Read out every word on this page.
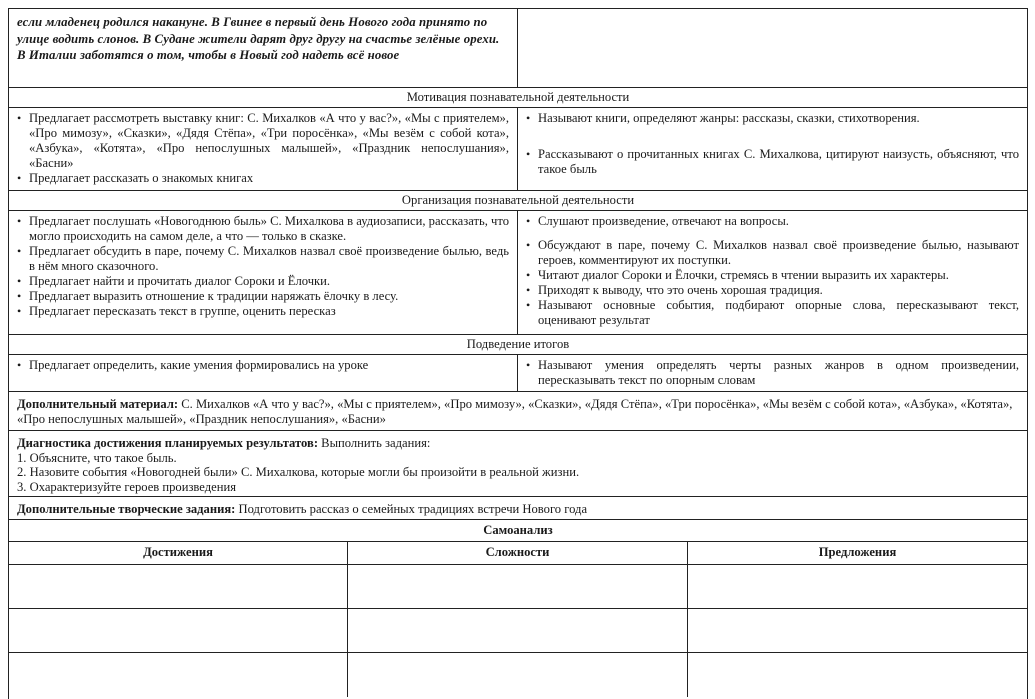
если младенец родился накануне. В Гвинее в первый день Нового года принято по улице водить слонов. В Судане жители дарят друг другу на счастье зелёные орехи. В Италии заботятся о том, чтобы в Новый год надеть всё новое
Мотивация познавательной деятельности
• Предлагает рассмотреть выставку книг: С. Михалков «А что у вас?», «Мы с приятелем», «Про мимозу», «Сказки», «Дядя Стёпа», «Три поросёнка», «Мы везём с собой кота», «Азбука», «Котята», «Про непослушных малышей», «Праздник непослушания», «Басни»
• Предлагает рассказать о знакомых книгах
• Называют книги, определяют жанры: рассказы, сказки, стихотворения.
• Рассказывают о прочитанных книгах С. Михалкова, цитируют наизусть, объясняют, что такое быль
Организация познавательной деятельности
• Предлагает послушать «Новогоднюю быль» С. Михалкова в аудиозаписи, рассказать, что могло происходить на самом деле, а что — только в сказке.
• Предлагает обсудить в паре, почему С. Михалков назвал своё произведение былью, ведь в нём много сказочного.
• Предлагает найти и прочитать диалог Сороки и Ёлочки.
• Предлагает выразить отношение к традиции наряжать ёлочку в лесу.
• Предлагает пересказать текст в группе, оценить пересказ
• Слушают произведение, отвечают на вопросы.
• Обсуждают в паре, почему С. Михалков назвал своё произведение былью, называют героев, комментируют их поступки.
• Читают диалог Сороки и Ёлочки, стремясь в чтении выразить их характеры.
• Приходят к выводу, что это очень хорошая традиция.
• Называют основные события, подбирают опорные слова, пересказывают текст, оценивают результат
Подведение итогов
• Предлагает определить, какие умения формировались на уроке
•	Называют умения определять черты разных жанров в одном произведении, пересказывать текст по опорным словам
Дополнительный материал: С. Михалков «А что у вас?», «Мы с приятелем», «Про мимозу», «Сказки», «Дядя Стёпа», «Три поросёнка», «Мы везём с собой кота», «Азбука», «Котята», «Про непослушных малышей», «Праздник непослушания», «Басни»
Диагностика достижения планируемых результатов: Выполнить задания:
1. Объясните, что такое быль.
2. Назовите события «Новогодней были» С. Михалкова, которые могли бы произойти в реальной жизни.
3. Охарактеризуйте героев произведения
Дополнительные творческие задания: Подготовить рассказ о семейных традициях встречи Нового года
Самоанализ
Достижения	Сложности	Предложения
